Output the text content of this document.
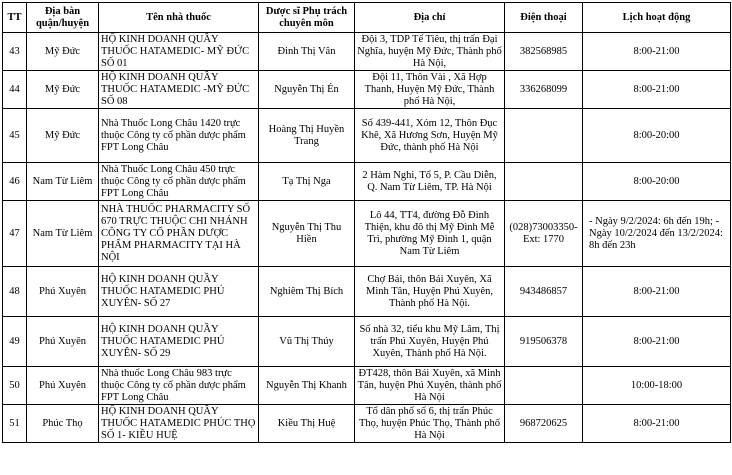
TT	Địa bàn quận/huyện	Tên nhà thuốc	Dược sĩ Phụ trách chuyên môn	Địa chỉ	Điện thoại	Lịch hoạt động
43	Mỹ Đức	HỘ KINH DOANH QUẦY THUỐC HATAMEDIC- MỸ ĐỨC SỐ 01	Đinh Thị Vân	Đội 3, TDP Tế Tiêu, thị trấn Đại Nghĩa, huyện Mỹ Đức, Thành phố Hà Nội,	382568985	8:00-21:00
44	Mỹ Đức	HỘ KINH DOANH QUẦY THUỐC HATAMEDIC -MỸ ĐỨC SỐ 08	Nguyễn Thị Én	Đội 11, Thôn Vài , Xã Hợp Thanh, Huyện Mỹ Đức, Thành phố Hà Nội,	336268099	8:00-21:00
45	Mỹ Đức	Nhà Thuốc Long Châu 1420 trực thuộc Công ty cổ phần dược phẩm FPT Long Châu	Hoàng Thị Huyền Trang	Số 439-441, Xóm 12, Thôn Đục Khê, Xã Hương Sơn, Huyện Mỹ Đức, thành phố Hà Nội		8:00-20:00
46	Nam Từ Liêm	Nhà Thuốc Long Châu 450 trực thuộc Công ty cổ phần dược phẩm FPT Long Châu	Tạ Thị Nga	2 Hàm Nghi, Tổ 5, P. Cầu Diễn, Q. Nam Từ Liêm, TP. Hà Nội		8:00-20:00
47	Nam Từ Liêm	NHÀ THUỐC PHARMACITY SỐ 670 TRỰC THUỘC CHI NHÁNH CÔNG TY CỔ PHẦN DƯỢC PHẨM PHARMACITY TẠI HÀ NỘI	Nguyễn Thị Thu Hiền	Lô 44, TT4, đường Đỗ Đình Thiện, khu đô thị Mỹ Đình Mễ Trì, phường Mỹ Đình 1, quận Nam Từ Liêm	(028)73003350-Ext: 1770	- Ngày 9/2/2024: 6h đến 19h; - Ngày 10/2/2024 đến 13/2/2024: 8h đến 23h
48	Phú Xuyên	HỘ KINH DOANH QUẦY THUỐC HATAMEDIC PHÚ XUYÊN- SỐ 27	Nghiêm Thị Bích	Chợ Bái, thôn Bái Xuyên, Xã Minh Tân, Huyện Phú Xuyên, Thành phố Hà Nội.	943486857	8:00-21:00
49	Phú Xuyên	HỘ KINH DOANH QUẦY THUỐC HATAMEDIC PHÚ XUYÊN- SỐ 29	Vũ Thị Thúy	Số nhà 32, tiểu khu Mỹ Lâm, Thị trấn Phú Xuyên, Huyện Phú Xuyên, Thành phố Hà Nội.	919506378	8:00-21:00
50	Phú Xuyên	Nhà thuốc Long Châu 983 trực thuộc Công ty cổ phần dược phẩm FPT Long Châu	Nguyễn Thị Khanh	ĐT428, thôn Bái Xuyên, xã Minh Tân, huyện Phú Xuyên, thành phố Hà Nội		10:00-18:00
51	Phúc Thọ	HỘ KINH DOANH QUẦY THUỐC HATAMEDIC PHÚC THỌ SỐ 1- KIỀU HUỆ	Kiều Thị Huệ	Tổ dân phố số 6, thị trấn Phúc Thọ, huyện Phúc Thọ, Thành phố Hà Nội	968720625	8:00-21:00
